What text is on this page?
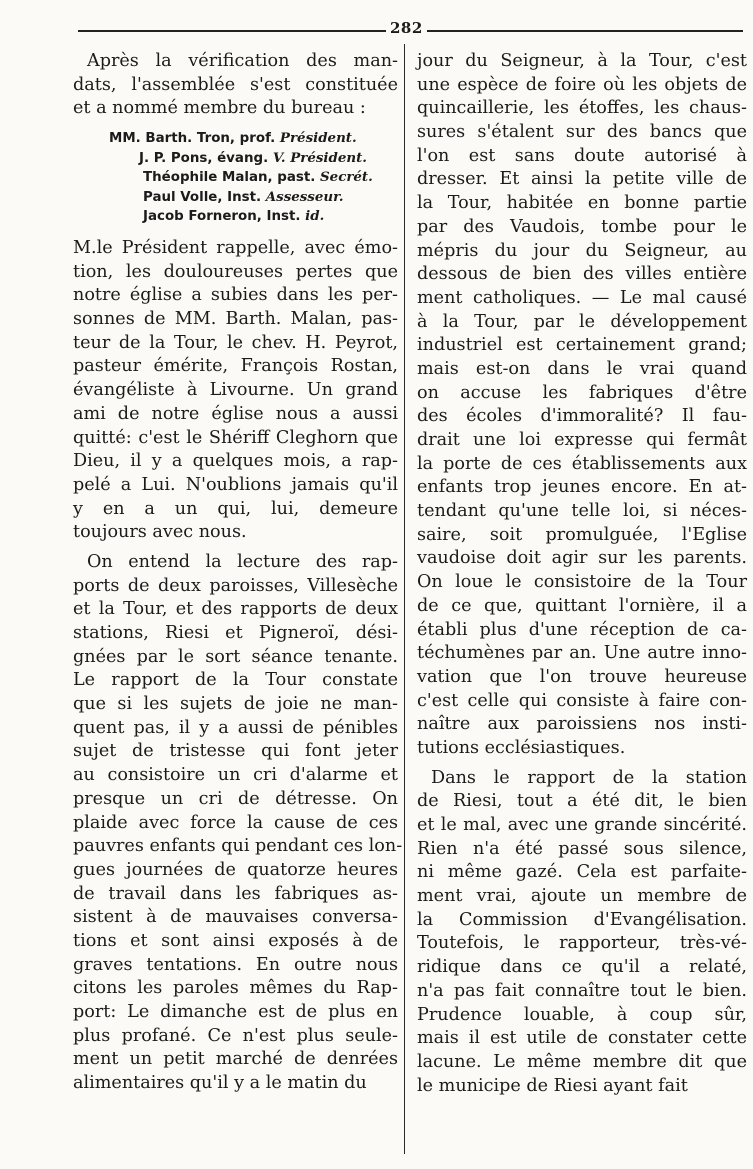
282
Après la vérification des man-
dats, l'assemblée s'est constituée
et a nommé membre du bureau :
MM. Barth. Tron, prof. Président.
J. P. Pons, évang. V. Président.
Théophile Malan, past. Secrét.
Paul Volle, Inst. Assesseur.
Jacob Forneron, Inst. id.
M.le Président rappelle, avec émo-
tion, les douloureuses pertes que
notre église a subies dans les per-
sonnes de MM. Barth. Malan, pas-
teur de la Tour, le chev. H. Peyrot,
pasteur émérite, François Rostan,
évangéliste à Livourne. Un grand
ami de notre église nous a aussi
quitté: c'est le Shériff Cleghorn que
Dieu, il y a quelques mois, a rap-
pelé a Lui. N'oublions jamais qu'il
y en a un qui, lui, demeure
toujours avec nous.
On entend la lecture des rap-
ports de deux paroisses, Villesèche
et la Tour, et des rapports de deux
stations, Riesi et Pigneroï, dési-
gnées par le sort séance tenante.
Le rapport de la Tour constate
que si les sujets de joie ne man-
quent pas, il y a aussi de pénibles
sujet de tristesse qui font jeter
au consistoire un cri d'alarme et
presque un cri de détresse. On
plaide avec force la cause de ces
pauvres enfants qui pendant ces lon-
gues journées de quatorze heures
de travail dans les fabriques as-
sistent à de mauvaises conversa-
tions et sont ainsi exposés à de
graves tentations. En outre nous
citons les paroles mêmes du Rap-
port: Le dimanche est de plus en
plus profané. Ce n'est plus seule-
ment un petit marché de denrées
alimentaires qu'il y a le matin du
jour du Seigneur, à la Tour, c'est
une espèce de foire où les objets de
quincaillerie, les étoffes, les chaus-
sures s'étalent sur des bancs que
l'on est sans doute autorisé à
dresser. Et ainsi la petite ville de
la Tour, habitée en bonne partie
par des Vaudois, tombe pour le
mépris du jour du Seigneur, au
dessous de bien des villes entière
ment catholiques. — Le mal causé
à la Tour, par le développement
industriel est certainement grand;
mais est-on dans le vrai quand
on accuse les fabriques d'être
des écoles d'immoralité? Il fau-
drait une loi expresse qui fermât
la porte de ces établissements aux
enfants trop jeunes encore. En at-
tendant qu'une telle loi, si néces-
saire, soit promulguée, l'Eglise
vaudoise doit agir sur les parents.
On loue le consistoire de la Tour
de ce que, quittant l'ornière, il a
établi plus d'une réception de ca-
téchumènes par an. Une autre inno-
vation que l'on trouve heureuse
c'est celle qui consiste à faire con-
naître aux paroissiens nos insti-
tutions ecclésiastiques.
Dans le rapport de la station
de Riesi, tout a été dit, le bien
et le mal, avec une grande sincérité.
Rien n'a été passé sous silence,
ni même gazé. Cela est parfaite-
ment vrai, ajoute un membre de
la Commission d'Evangélisation.
Toutefois, le rapporteur, très-vé-
ridique dans ce qu'il a relaté,
n'a pas fait connaître tout le bien.
Prudence louable, à coup sûr,
mais il est utile de constater cette
lacune. Le même membre dit que
le municipe de Riesi ayant fait
